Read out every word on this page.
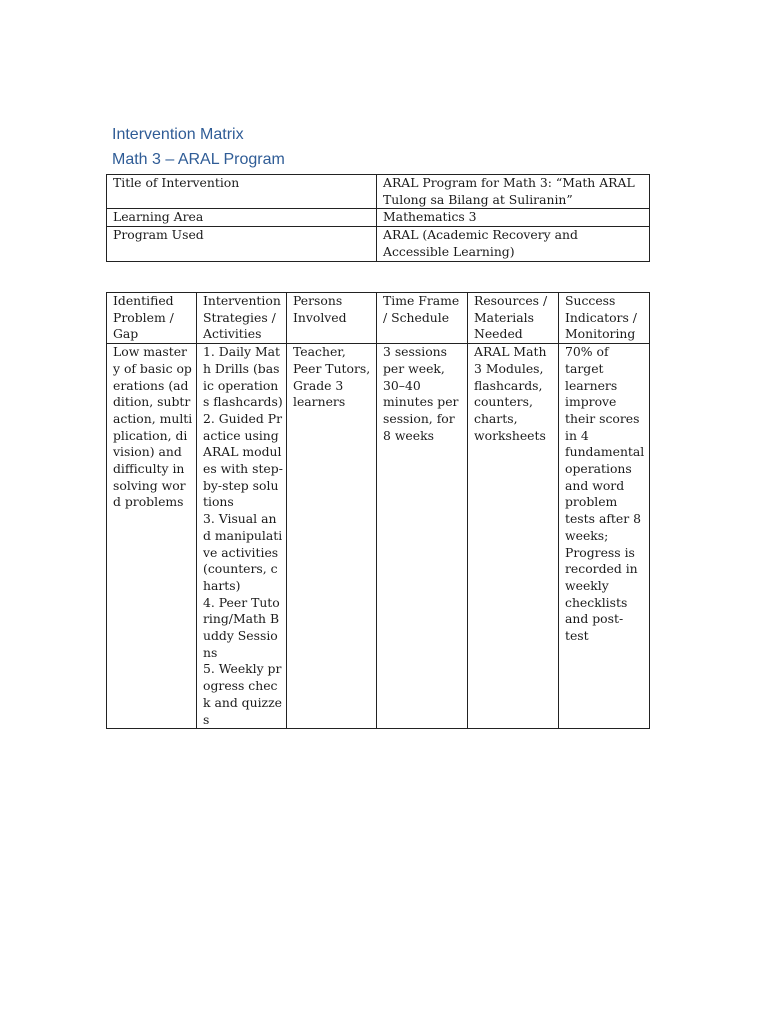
Intervention Matrix
Math 3 – ARAL Program
Title of Intervention	ARAL Program for Math 3: “Math ARAL Tulong sa Bilang at Suliranin”
Learning Area	Mathematics 3
Program Used	ARAL (Academic Recovery and Accessible Learning)
Identified Problem / Gap	Intervention Strategies / Activities	Persons Involved	Time Frame / Schedule	Resources / Materials Needed	Success Indicators / Monitoring
Low mastery of basic operations (addition, subtraction, multiplication, division) and difficulty in solving word problems	1. Daily Math Drills (basic operations flashcards)
2. Guided Practice using ARAL modules with step-by-step solutions
3. Visual and manipulative activities (counters, charts)
4. Peer Tutoring/Math Buddy Sessions
5. Weekly progress check and quizzes	Teacher, Peer Tutors, Grade 3 learners	3 sessions per week, 30–40 minutes per session, for 8 weeks	ARAL Math 3 Modules, flashcards, counters, charts, worksheets	70% of target learners improve their scores in 4 fundamental operations and word problem tests after 8 weeks; Progress is recorded in weekly checklists and post-test
